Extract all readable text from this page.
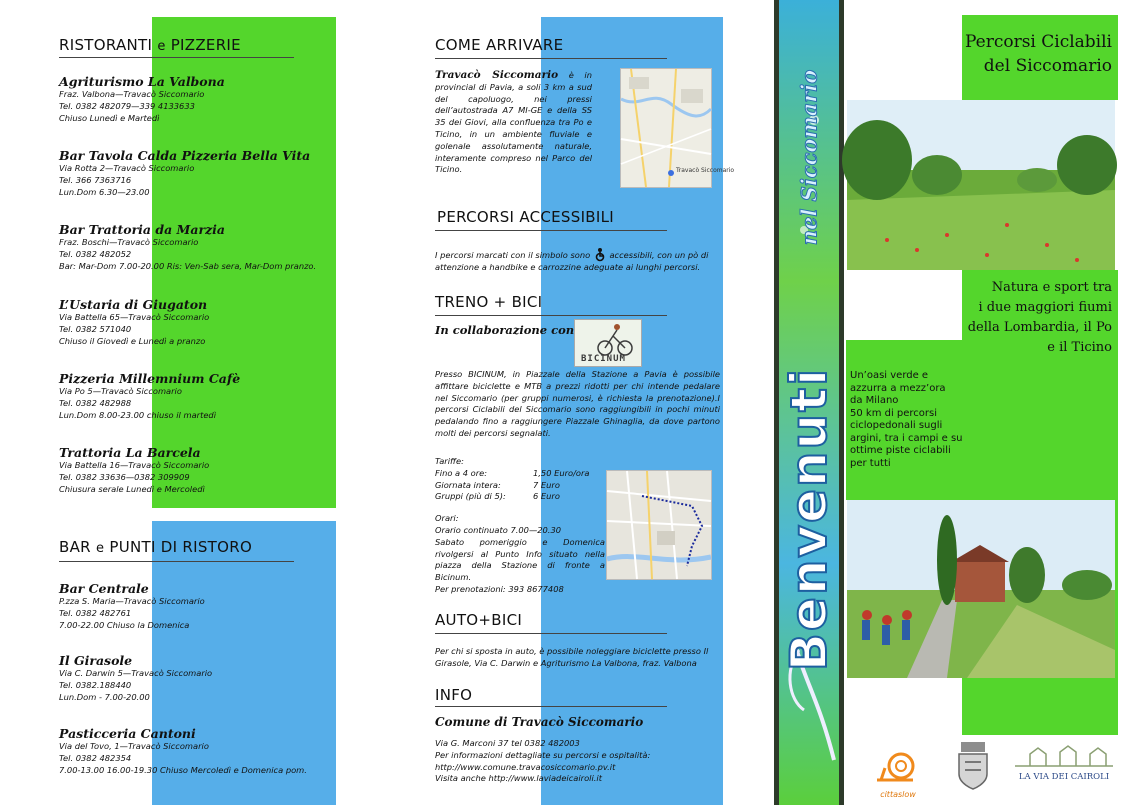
RISTORANTI e PIZZERIE
Agriturismo La Valbona
Fraz. Valbona—Travacò Siccomario
Tel. 0382 482079—339 4133633
Chiuso Lunedì e Martedì
Bar Tavola Calda Pizzeria Bella Vita
Via Rotta 2—Travacò Siccomario
Tel. 366 7363716
Lun.Dom 6.30—23.00
Bar Trattoria da Marzia
Fraz. Boschi—Travacò Siccomario
Tel. 0382 482052
Bar: Mar-Dom 7.00-20.00 Ris: Ven-Sab sera, Mar-Dom pranzo.
L’Ustaria di Giugaton
Via Battella 65—Travacò Siccomario
Tel. 0382 571040
Chiuso il Giovedì e Lunedì a pranzo
Pizzeria Millemnium Cafè
Via Po 5—Travacò Siccomario
Tel. 0382 482988
Lun.Dom 8.00-23.00 chiuso il martedì
Trattoria La Barcela
Via Battella 16—Travacò Siccomario
Tel. 0382 33636—0382 309909
Chiusura serale Lunedì e Mercoledì
BAR e PUNTI DI RISTORO
Bar Centrale
P.zza S. Maria—Travacò Siccomario
Tel. 0382 482761
7.00-22.00 Chiuso la Domenica
Il Girasole
Via C. Darwin 5—Travacò Siccomario
Tel. 0382.188440
Lun.Dom - 7.00-20.00
Pasticceria Cantoni
Via del Tovo, 1—Travacò Siccomario
Tel. 0382 482354
7.00-13.00 16.00-19.30 Chiuso Mercoledì e Domenica pom.
COME ARRIVARE
Travacò Siccomario è in provincial di Pavia, a soli 3 km a sud del capoluogo, nei pressi dell’autostrada A7 MI-GE e della SS 35 dei Giovi, alla confluenza tra Po e Ticino, in un ambiente fluviale e golenale assolutamente naturale, interamente compreso nel Parco del Ticino.	Travacò Siccomario
PERCORSI ACCESSIBILI
I percorsi marcati con il simbolo sono accessibili, con un pò di attenzione a handbike e carrozzine adeguate ai lunghi percorsi.
TRENO + BICI
In collaborazione con
BICINUM
Presso BICINUM, in Piazzale della Stazione a Pavia è possibile affittare biciclette e MTB a prezzi ridotti per chi intende pedalare nel Siccomario (per gruppi numerosi, è richiesta la prenotazione).I percorsi Ciclabili del Siccomario sono raggiungibili in pochi minuti pedalando fino a raggiungere Piazzale Ghinaglia, da dove partono molti dei percorsi segnalati.
Tariffe:
Fino a 4 ore:	1,50 Euro/ora
Giornata intera:	7 Euro
Gruppi (più di 5):	6 Euro
Orari:
Orario continuato 7.00—20.30
Sabato pomeriggio e Domenica rivolgersi al Punto Info situato nella piazza della Stazione di fronte a Bicinum.
Per prenotazioni: 393 8677408
AUTO+BICI
Per chi si sposta in auto, è possibile noleggiare biciclette presso Il Girasole, Via C. Darwin e Agriturismo La Valbona, fraz. Valbona
INFO
Comune di Travacò Siccomario
Via G. Marconi 37 tel 0382 482003
Per informazioni dettagliate su percorsi e ospitalità:
http://www.comune.travacosiccomario.pv.it
Visita anche http://www.laviadeicairoli.it
Benvenuti
nel Siccomario
Percorsi Ciclabili
del Siccomario
Natura e sport tra
i due maggiori fiumi
della Lombardia, il Po
e il Ticino
Un’oasi verde e
azzurra a mezz’ora
da Milano
50 km di percorsi
ciclopedonali sugli
argini, tra i campi e su
ottime piste ciclabili
per tutti
cittaslow
LA VIA DEI CAIROLI
